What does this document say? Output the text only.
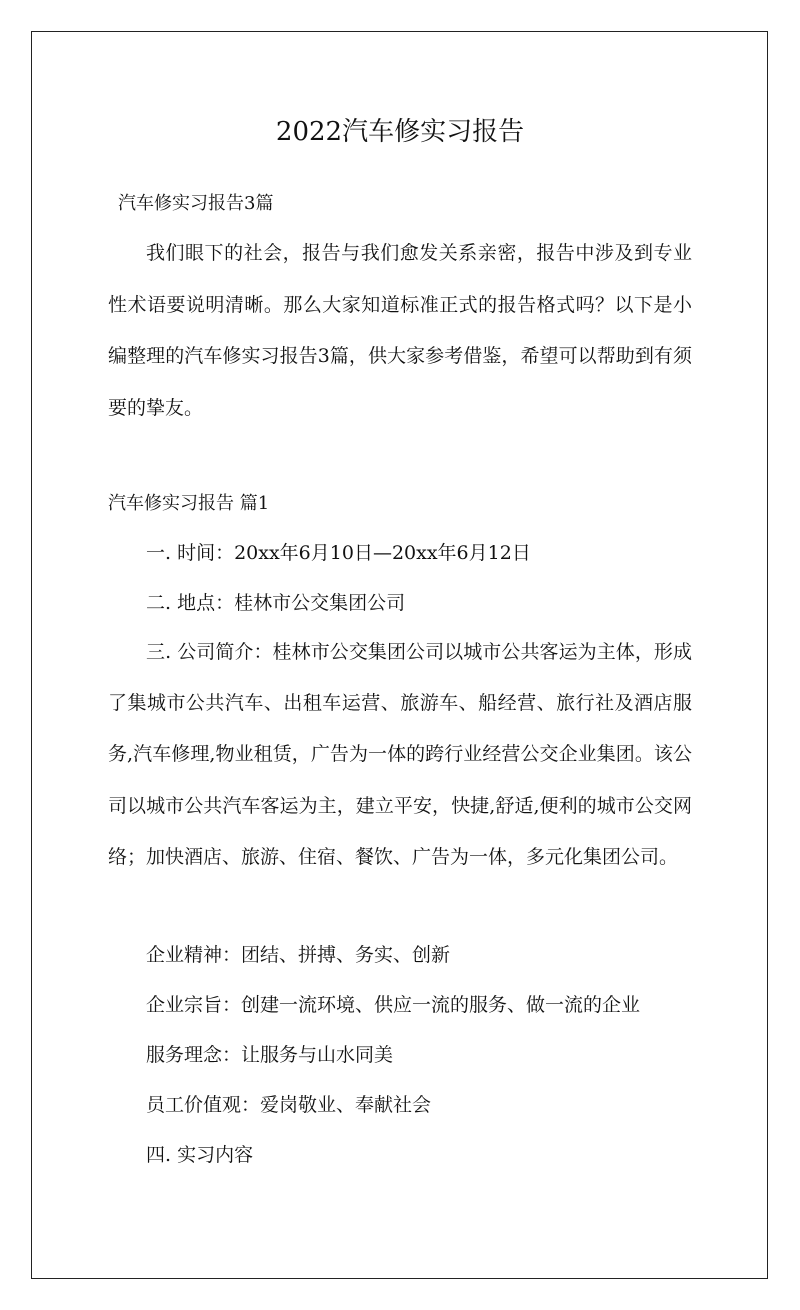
2022汽车修实习报告

汽车修实习报告3篇

我们眼下的社会，报告与我们愈发关系亲密，报告中涉及到专业性术语要说明清晰。那么大家知道标准正式的报告格式吗？以下是小编整理的汽车修实习报告3篇，供大家参考借鉴，希望可以帮助到有须要的挚友。

汽车修实习报告 篇1

一. 时间：20xx年6月10日—20xx年6月12日

二. 地点：桂林市公交集团公司

三. 公司简介：桂林市公交集团公司以城市公共客运为主体，形成了集城市公共汽车、出租车运营、旅游车、船经营、旅行社及酒店服务,汽车修理,物业租赁，广告为一体的跨行业经营公交企业集团。该公司以城市公共汽车客运为主，建立平安，快捷,舒适,便利的城市公交网络；加快酒店、旅游、住宿、餐饮、广告为一体，多元化集团公司。

企业精神：团结、拼搏、务实、创新

企业宗旨：创建一流环境、供应一流的服务、做一流的企业

服务理念：让服务与山水同美

员工价值观：爱岗敬业、奉献社会

四. 实习内容
